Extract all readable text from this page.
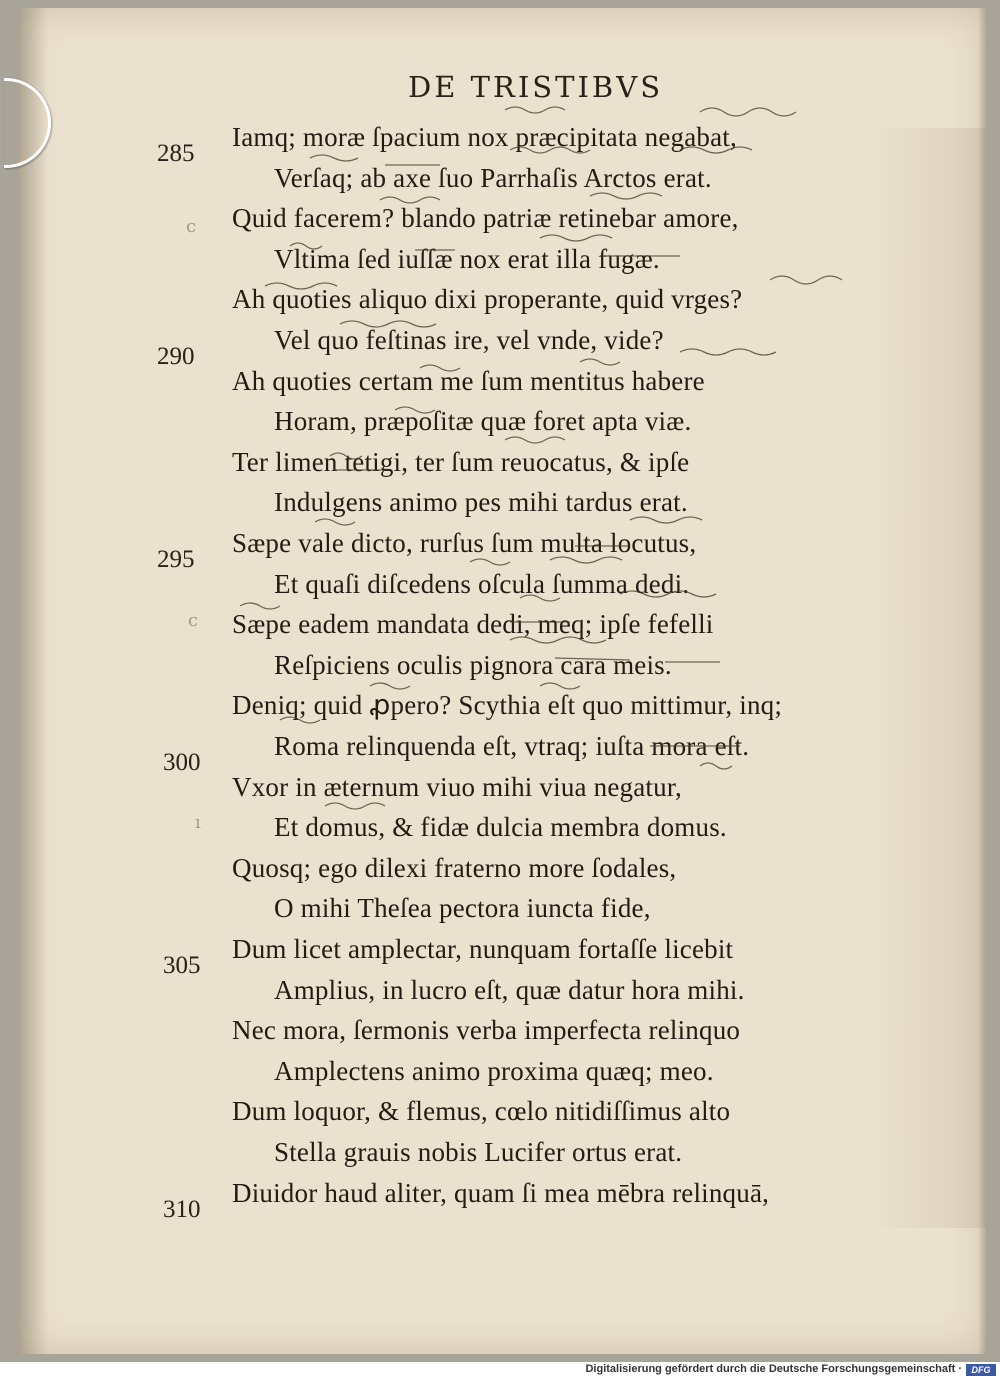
DE TRISTIBVS
Iamq; moræ ſpacium nox præcipitata negabat,
Verſaq; ab axe ſuo Parrhaſis Arctos erat.
Quid facerem? blando patriæ retinebar amore,
Vltima ſed iuſſæ nox erat illa fugæ.
Ah quoties aliquo dixi properante, quid vrges?
Vel quo feſtinas ire, vel vnde, vide?
Ah quoties certam me ſum mentitus habere
Horam, præpoſitæ quæ foret apta viæ.
Ter limen tetigi, ter ſum reuocatus, & ipſe
Indulgens animo pes mihi tardus erat.
Sæpe vale dicto, rurſus ſum multa locutus,
Et quaſi diſcedens oſcula ſumma dedi.
Sæpe eadem mandata dedi, meq; ipſe fefelli
Reſpiciens oculis pignora cara meis.
Deniq; quid ꝓpero? Scythia eſt quo mittimur, inq;
Roma relinquenda eſt, vtraq; iuſta mora eſt.
Vxor in æternum viuo mihi viua negatur,
Et domus, & fidæ dulcia membra domus.
Quosq; ego dilexi fraterno more ſodales,
O mihi Theſea pectora iuncta fide,
Dum licet amplectar, nunquam fortaſſe licebit
Amplius, in lucro eſt, quæ datur hora mihi.
Nec mora, ſermonis verba imperfecta relinquo
Amplectens animo proxima quæq; meo.
Dum loquor, & flemus, cœlo nitidiſſimus alto
Stella grauis nobis Lucifer ortus erat.
Diuidor haud aliter, quam ſi mea mēbra relinquā,
285
290
295
300
305
310
c
c
ı
Digitalisierung gefördert durch die Deutsche Forschungsgemeinschaft ·	DFG
